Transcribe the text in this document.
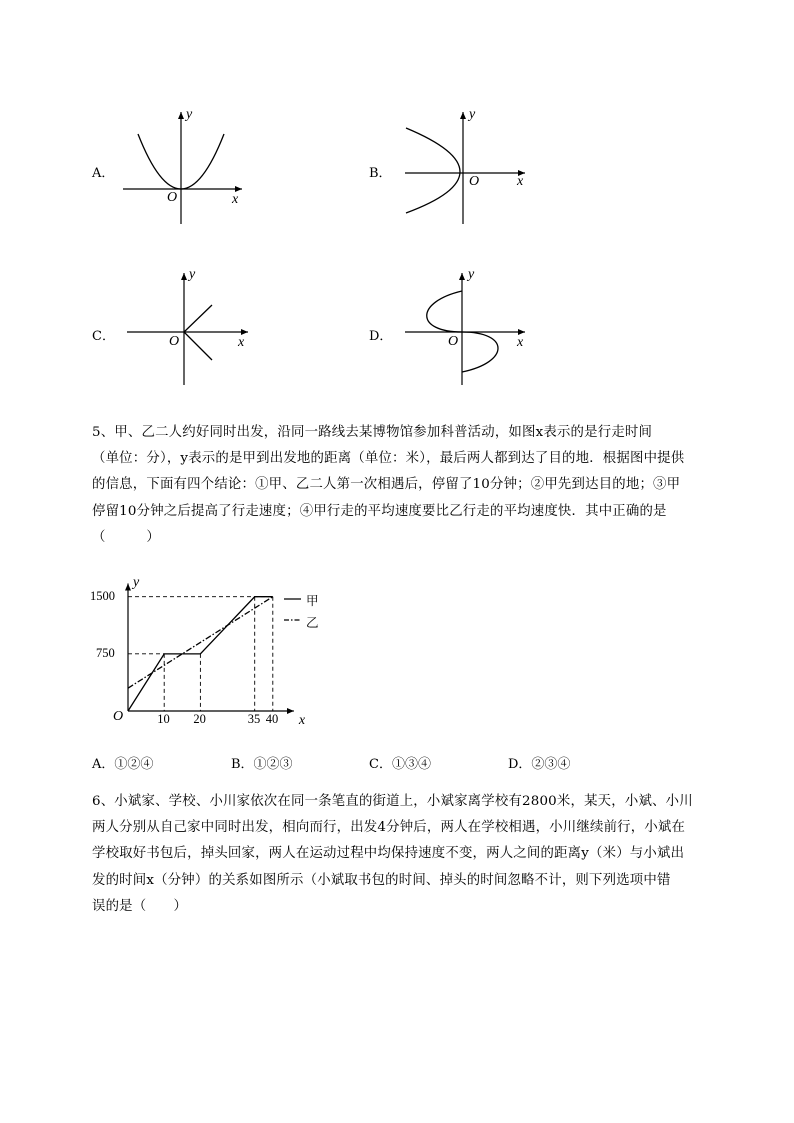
A．	B．
C．	D．
y
x
O
y
x
O
y
x
O
y
x
O

5、甲、乙二人约好同时出发，沿同一路线去某博物馆参加科普活动，如图x表示的是行走时间

（单位：分），y表示的是甲到出发地的距离（单位：米），最后两人都到达了目的地．根据图中提供

的信息，下面有四个结论：①甲、乙二人第一次相遇后，停留了10分钟；②甲先到达目的地；③甲

停留10分钟之后提高了行走速度；④甲行走的平均速度要比乙行走的平均速度快．其中正确的是

（　　　）

y
x
O
750
1500
10 20	35 40
甲
乙
A．①②④	B．①②③	C．①③④	D．②③④

6、小斌家、学校、小川家依次在同一条笔直的街道上，小斌家离学校有2800米，某天，小斌、小川

两人分别从自己家中同时出发，相向而行，出发4分钟后，两人在学校相遇，小川继续前行，小斌在

学校取好书包后，掉头回家，两人在运动过程中均保持速度不变，两人之间的距离y（米）与小斌出

发的时间x（分钟）的关系如图所示（小斌取书包的时间、掉头的时间忽略不计，则下列选项中错

误的是（　　）
